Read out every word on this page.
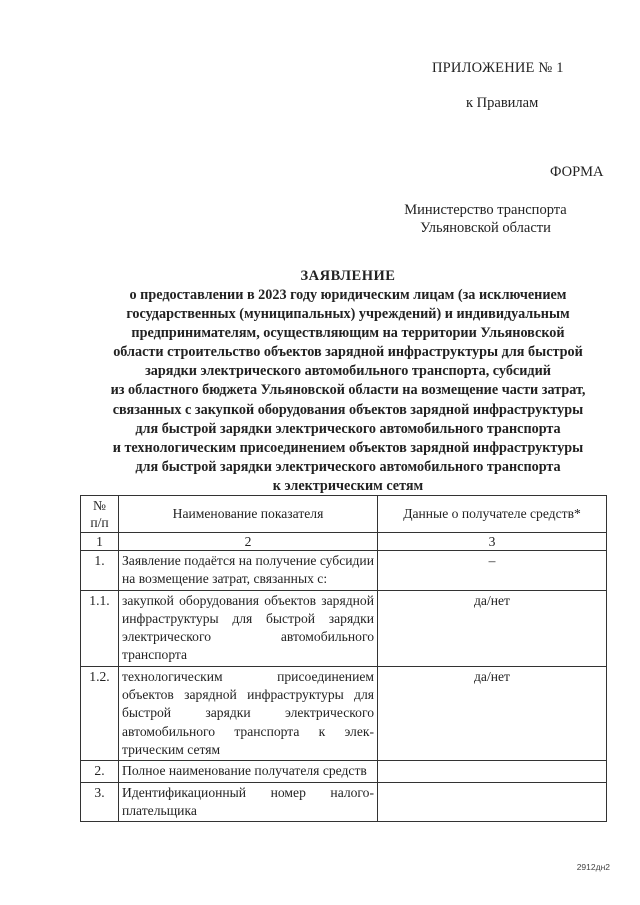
ПРИЛОЖЕНИЕ № 1
к Правилам
ФОРМА
Министерство транспорта
Ульяновской области
ЗАЯВЛЕНИЕ
о предоставлении в 2023 году юридическим лицам (за исключением
государственных (муниципальных) учреждений) и индивидуальным
предпринимателям, осуществляющим на территории Ульяновской
области строительство объектов зарядной инфраструктуры для быстрой
зарядки электрического автомобильного транспорта, субсидий
из областного бюджета Ульяновской области на возмещение части затрат,
связанных с закупкой оборудования объектов зарядной инфраструктуры
для быстрой зарядки электрического автомобильного транспорта
и технологическим присоединением объектов зарядной инфраструктуры
для быстрой зарядки электрического автомобильного транспорта
к электрическим сетям
№
п/п	Наименование показателя	Данные о получателе средств*
1	2	3
1.	Заявление подаётся на получение субсидии на возмещение затрат, связанных с:	–
1.1.	закупкой оборудования объектов зарядной инфраструктуры для быстрой зарядки электрического автомобильного транспорта	да/нет
1.2.	технологическим присоединением объектов зарядной инфраструктуры для быстрой зарядки электрического автомобильного транспорта к электрическим сетям	да/нет
2.	Полное наименование получателя средств	
3.	Идентификационный номер налогоплательщика	
2912дн2
